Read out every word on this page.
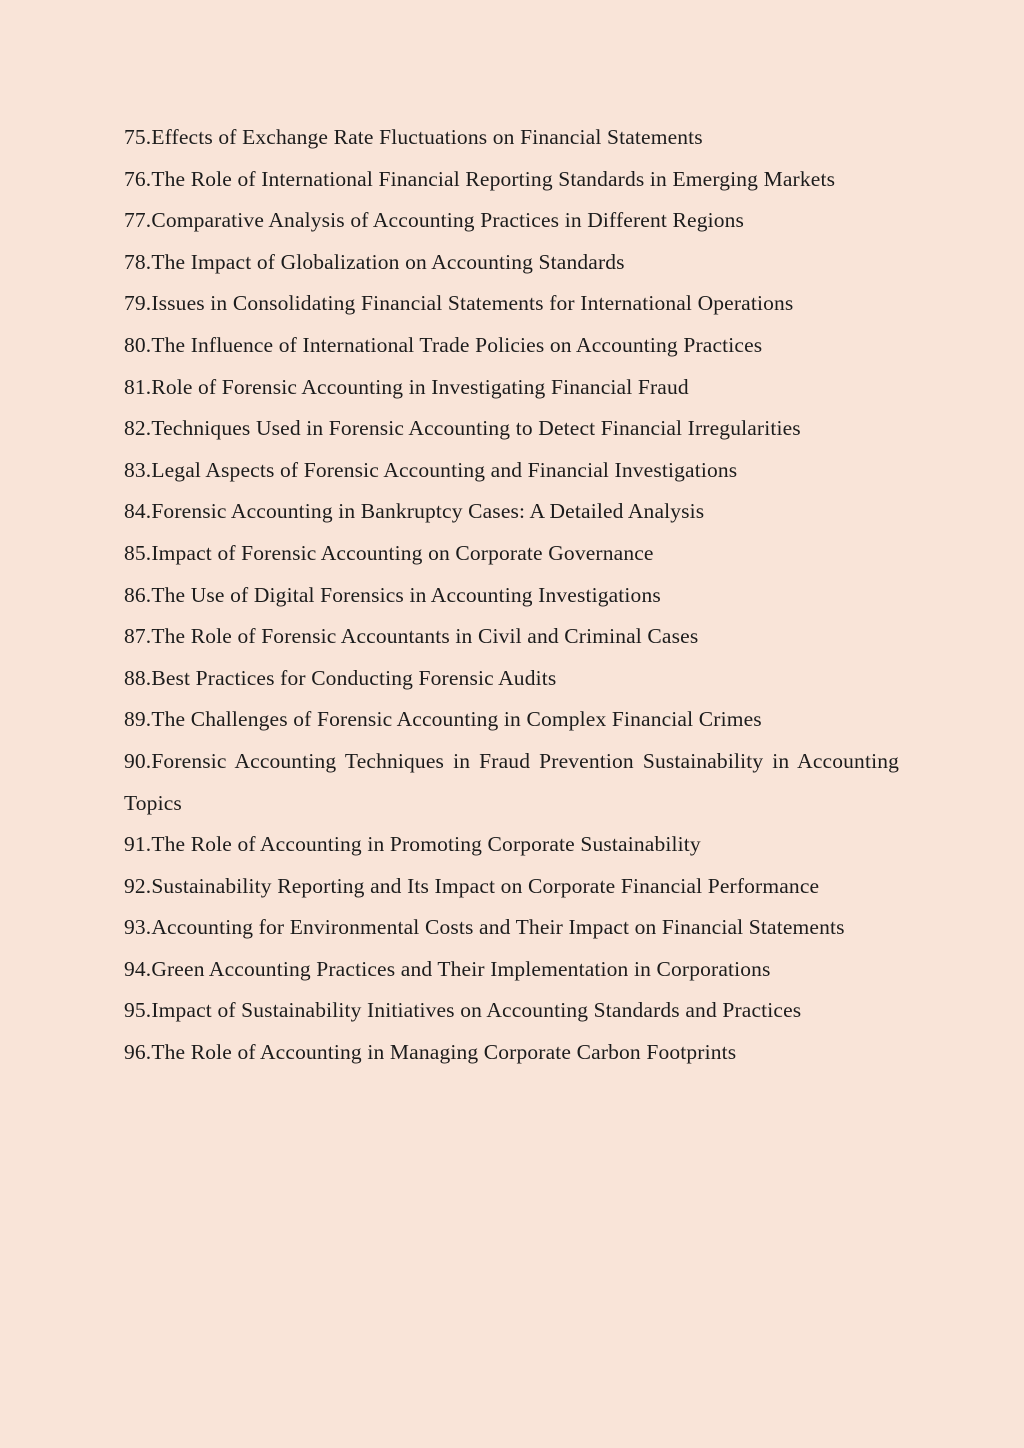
75.Effects of Exchange Rate Fluctuations on Financial Statements
76.The Role of International Financial Reporting Standards in Emerging Markets
77.Comparative Analysis of Accounting Practices in Different Regions
78.The Impact of Globalization on Accounting Standards
79.Issues in Consolidating Financial Statements for International Operations
80.The Influence of International Trade Policies on Accounting Practices
81.Role of Forensic Accounting in Investigating Financial Fraud
82.Techniques Used in Forensic Accounting to Detect Financial Irregularities
83.Legal Aspects of Forensic Accounting and Financial Investigations
84.Forensic Accounting in Bankruptcy Cases: A Detailed Analysis
85.Impact of Forensic Accounting on Corporate Governance
86.The Use of Digital Forensics in Accounting Investigations
87.The Role of Forensic Accountants in Civil and Criminal Cases
88.Best Practices for Conducting Forensic Audits
89.The Challenges of Forensic Accounting in Complex Financial Crimes
90.Forensic Accounting Techniques in Fraud Prevention Sustainability in Accounting Topics
91.The Role of Accounting in Promoting Corporate Sustainability
92.Sustainability Reporting and Its Impact on Corporate Financial Performance
93.Accounting for Environmental Costs and Their Impact on Financial Statements
94.Green Accounting Practices and Their Implementation in Corporations
95.Impact of Sustainability Initiatives on Accounting Standards and Practices
96.The Role of Accounting in Managing Corporate Carbon Footprints
